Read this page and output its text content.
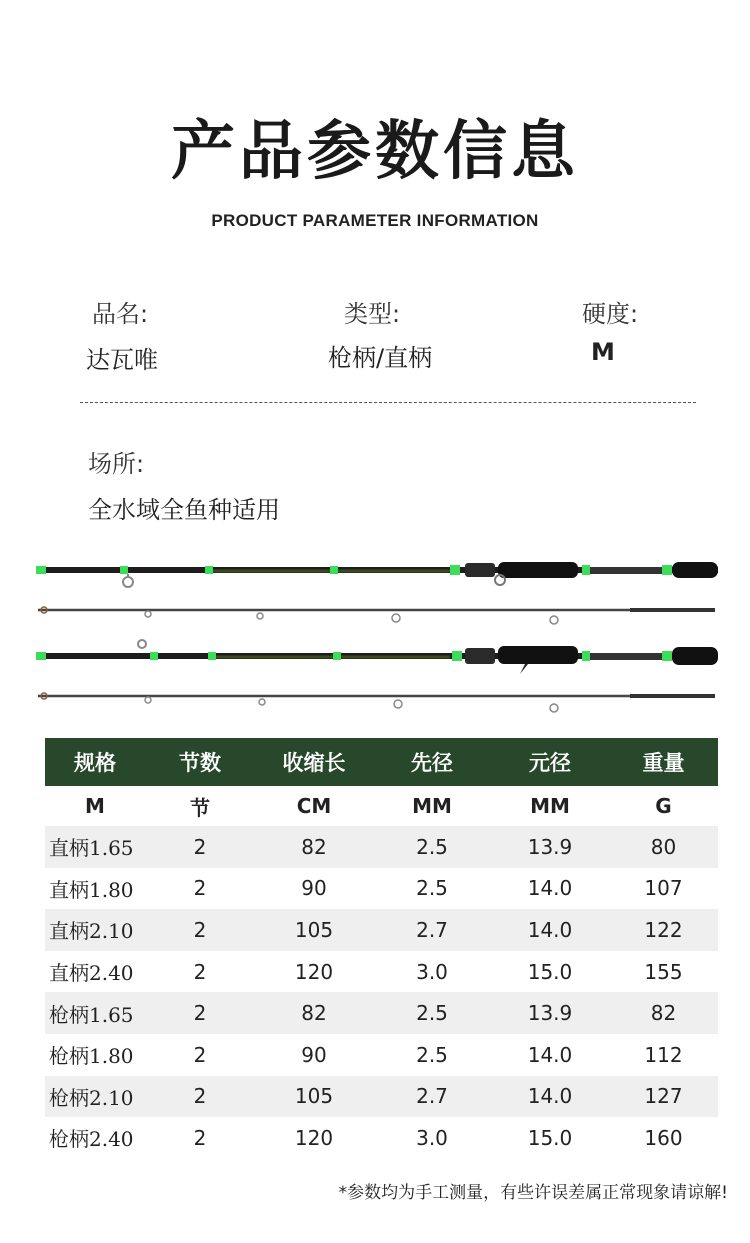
产品参数信息
PRODUCT PARAMETER INFORMATION
品名:
达瓦唯
类型:
枪柄/直柄
硬度:
M
场所:
全水域全鱼种适用
规格	节数	收缩长	先径	元径	重量
M	节	CM	MM	MM	G
直柄1.65	2	82	2.5	13.9	80
直柄1.80	2	90	2.5	14.0	107
直柄2.10	2	105	2.7	14.0	122
直柄2.40	2	120	3.0	15.0	155
枪柄1.65	2	82	2.5	13.9	82
枪柄1.80	2	90	2.5	14.0	112
枪柄2.10	2	105	2.7	14.0	127
枪柄2.40	2	120	3.0	15.0	160
*参数均为手工测量，有些许误差属正常现象请谅解!
